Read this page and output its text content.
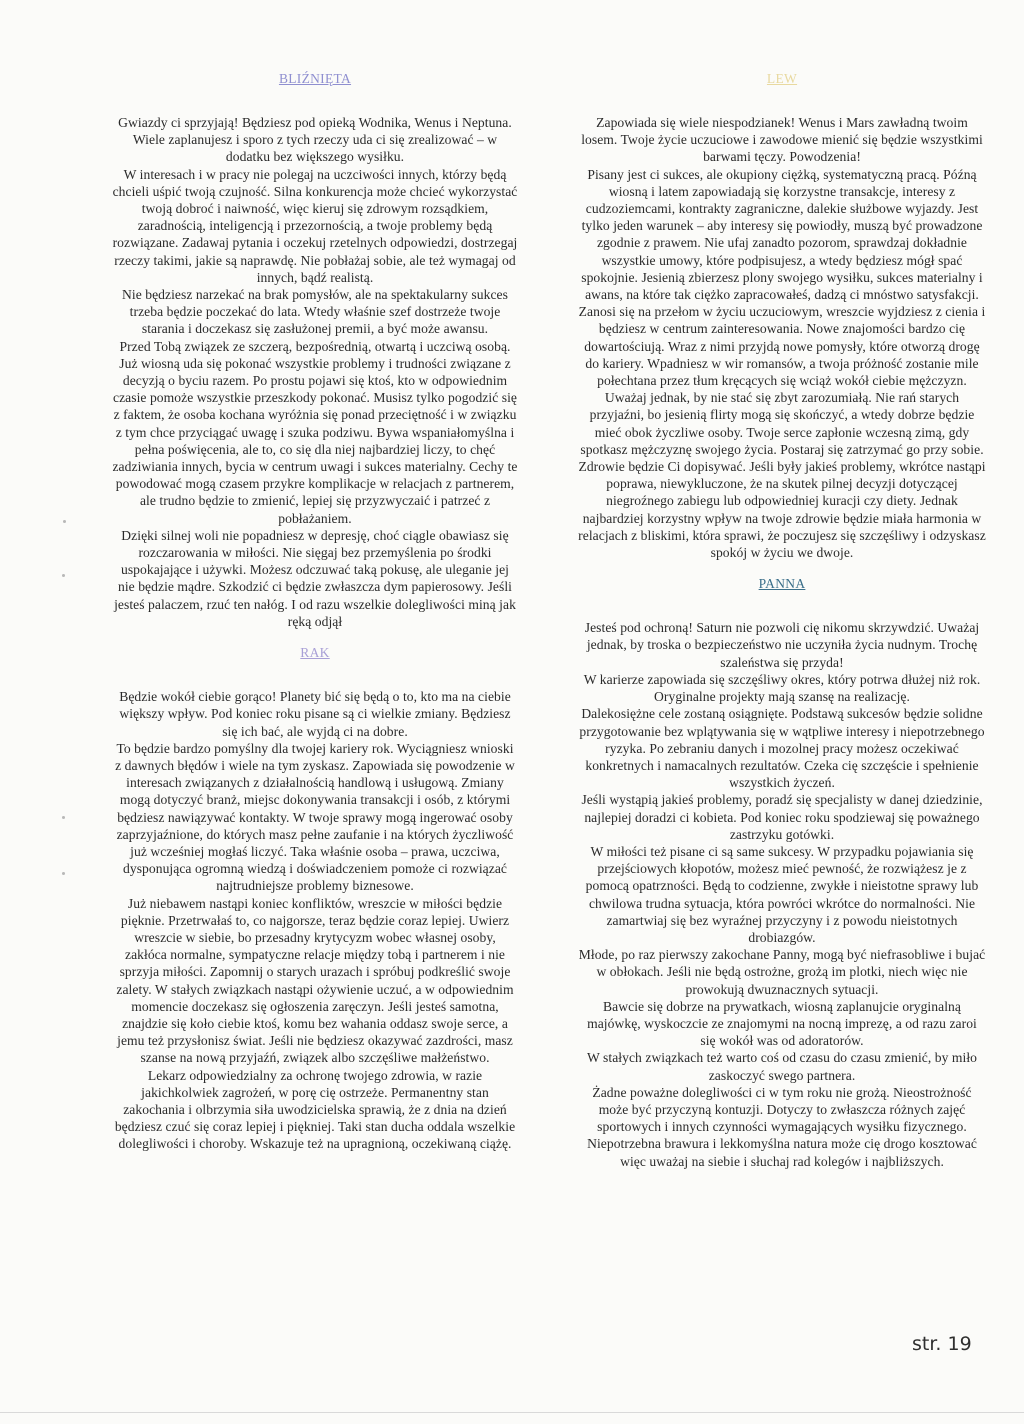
BLIŹNIĘTA

Gwiazdy ci sprzyjają! Będziesz pod opieką Wodnika, Wenus i Neptuna. Wiele zaplanujesz i sporo z tych rzeczy uda ci się zrealizować – w dodatku bez większego wysiłku.

W interesach i w pracy nie polegaj na uczciwości innych, którzy będą chcieli uśpić twoją czujność. Silna konkurencja może chcieć wykorzystać twoją dobroć i naiwność, więc kieruj się zdrowym rozsądkiem, zaradnością, inteligencją i przezornością, a twoje problemy będą rozwiązane. Zadawaj pytania i oczekuj rzetelnych odpowiedzi, dostrzegaj rzeczy takimi, jakie są naprawdę. Nie pobłażaj sobie, ale też wymagaj od innych, bądź realistą.

Nie będziesz narzekać na brak pomysłów, ale na spektakularny sukces trzeba będzie poczekać do lata. Wtedy właśnie szef dostrzeże twoje starania i doczekasz się zasłużonej premii, a być może awansu.

Przed Tobą związek ze szczerą, bezpośrednią, otwartą i uczciwą osobą. Już wiosną uda się pokonać wszystkie problemy i trudności związane z decyzją o byciu razem. Po prostu pojawi się ktoś, kto w odpowiednim czasie pomoże wszystkie przeszkody pokonać. Musisz tylko pogodzić się z faktem, że osoba kochana wyróżnia się ponad przeciętność i w związku z tym chce przyciągać uwagę i szuka podziwu. Bywa wspaniałomyślna i pełna poświęcenia, ale to, co się dla niej najbardziej liczy, to chęć zadziwiania innych, bycia w centrum uwagi i sukces materialny. Cechy te powodować mogą czasem przykre komplikacje w relacjach z partnerem, ale trudno będzie to zmienić, lepiej się przyzwyczaić i patrzeć z pobłażaniem.

Dzięki silnej woli nie popadniesz w depresję, choć ciągle obawiasz się rozczarowania w miłości. Nie sięgaj bez przemyślenia po środki uspokajające i używki. Możesz odczuwać taką pokusę, ale uleganie jej nie będzie mądre. Szkodzić ci będzie zwłaszcza dym papierosowy. Jeśli jesteś palaczem, rzuć ten nałóg. I od razu wszelkie dolegliwości miną jak ręką odjął

RAK

Będzie wokół ciebie gorąco! Planety bić się będą o to, kto ma na ciebie większy wpływ. Pod koniec roku pisane są ci wielkie zmiany. Będziesz się ich bać, ale wyjdą ci na dobre.

To będzie bardzo pomyślny dla twojej kariery rok. Wyciągniesz wnioski z dawnych błędów i wiele na tym zyskasz. Zapowiada się powodzenie w interesach związanych z działalnością handlową i usługową. Zmiany mogą dotyczyć branż, miejsc dokonywania transakcji i osób, z którymi będziesz nawiązywać kontakty. W twoje sprawy mogą ingerować osoby zaprzyjaźnione, do których masz pełne zaufanie i na których życzliwość już wcześniej mogłaś liczyć. Taka właśnie osoba – prawa, uczciwa, dysponująca ogromną wiedzą i doświadczeniem pomoże ci rozwiązać najtrudniejsze problemy biznesowe.

Już niebawem nastąpi koniec konfliktów, wreszcie w miłości będzie pięknie. Przetrwałaś to, co najgorsze, teraz będzie coraz lepiej. Uwierz wreszcie w siebie, bo przesadny krytycyzm wobec własnej osoby, zakłóca normalne, sympatyczne relacje między tobą i partnerem i nie sprzyja miłości. Zapomnij o starych urazach i spróbuj podkreślić swoje zalety. W stałych związkach nastąpi ożywienie uczuć, a w odpowiednim momencie doczekasz się ogłoszenia zaręczyn. Jeśli jesteś samotna, znajdzie się koło ciebie ktoś, komu bez wahania oddasz swoje serce, a jemu też przysłonisz świat. Jeśli nie będziesz okazywać zazdrości, masz szanse na nową przyjaźń, związek albo szczęśliwe małżeństwo.

Lekarz odpowiedzialny za ochronę twojego zdrowia, w razie jakichkolwiek zagrożeń, w porę cię ostrzeże. Permanentny stan zakochania i olbrzymia siła uwodzicielska sprawią, że z dnia na dzień będziesz czuć się coraz lepiej i piękniej. Taki stan ducha oddala wszelkie dolegliwości i choroby. Wskazuje też na upragnioną, oczekiwaną ciążę.

LEW

Zapowiada się wiele niespodzianek! Wenus i Mars zawładną twoim losem. Twoje życie uczuciowe i zawodowe mienić się będzie wszystkimi barwami tęczy. Powodzenia!

Pisany jest ci sukces, ale okupiony ciężką, systematyczną pracą. Późną wiosną i latem zapowiadają się korzystne transakcje, interesy z cudzoziemcami, kontrakty zagraniczne, dalekie służbowe wyjazdy. Jest tylko jeden warunek – aby interesy się powiodły, muszą być prowadzone zgodnie z prawem. Nie ufaj zanadto pozorom, sprawdzaj dokładnie wszystkie umowy, które podpisujesz, a wtedy będziesz mógł spać spokojnie. Jesienią zbierzesz plony swojego wysiłku, sukces materialny i awans, na które tak ciężko zapracowałeś, dadzą ci mnóstwo satysfakcji.

Zanosi się na przełom w życiu uczuciowym, wreszcie wyjdziesz z cienia i będziesz w centrum zainteresowania. Nowe znajomości bardzo cię dowartościują. Wraz z nimi przyjdą nowe pomysły, które otworzą drogę do kariery. Wpadniesz w wir romansów, a twoja próżność zostanie mile połechtana przez tłum kręcących się wciąż wokół ciebie mężczyzn. Uważaj jednak, by nie stać się zbyt zarozumiałą. Nie rań starych przyjaźni, bo jesienią flirty mogą się skończyć, a wtedy dobrze będzie mieć obok życzliwe osoby. Twoje serce zapłonie wczesną zimą, gdy spotkasz mężczyznę swojego życia. Postaraj się zatrzymać go przy sobie.

Zdrowie będzie Ci dopisywać. Jeśli były jakieś problemy, wkrótce nastąpi poprawa, niewykluczone, że na skutek pilnej decyzji dotyczącej niegroźnego zabiegu lub odpowiedniej kuracji czy diety. Jednak najbardziej korzystny wpływ na twoje zdrowie będzie miała harmonia w relacjach z bliskimi, która sprawi, że poczujesz się szczęśliwy i odzyskasz spokój w życiu we dwoje.

PANNA

Jesteś pod ochroną! Saturn nie pozwoli cię nikomu skrzywdzić. Uważaj jednak, by troska o bezpieczeństwo nie uczyniła życia nudnym. Trochę szaleństwa się przyda!

W karierze zapowiada się szczęśliwy okres, który potrwa dłużej niż rok. Oryginalne projekty mają szansę na realizację.

Dalekosiężne cele zostaną osiągnięte. Podstawą sukcesów będzie solidne przygotowanie bez wplątywania się w wątpliwe interesy i niepotrzebnego ryzyka. Po zebraniu danych i mozolnej pracy możesz oczekiwać konkretnych i namacalnych rezultatów. Czeka cię szczęście i spełnienie wszystkich życzeń.

Jeśli wystąpią jakieś problemy, poradź się specjalisty w danej dziedzinie, najlepiej doradzi ci kobieta. Pod koniec roku spodziewaj się poważnego zastrzyku gotówki.

W miłości też pisane ci są same sukcesy. W przypadku pojawiania się przejściowych kłopotów, możesz mieć pewność, że rozwiążesz je z pomocą opatrzności. Będą to codzienne, zwykłe i nieistotne sprawy lub chwilowa trudna sytuacja, która powróci wkrótce do normalności. Nie zamartwiaj się bez wyraźnej przyczyny i z powodu nieistotnych drobiazgów.

Młode, po raz pierwszy zakochane Panny, mogą być niefrasobliwe i bujać w obłokach. Jeśli nie będą ostrożne, grożą im plotki, niech więc nie prowokują dwuznacznych sytuacji.

Bawcie się dobrze na prywatkach, wiosną zaplanujcie oryginalną majówkę, wyskoczcie ze znajomymi na nocną imprezę, a od razu zaroi się wokół was od adoratorów.

W stałych związkach też warto coś od czasu do czasu zmienić, by miło zaskoczyć swego partnera.

Żadne poważne dolegliwości ci w tym roku nie grożą. Nieostrożność może być przyczyną kontuzji. Dotyczy to zwłaszcza różnych zajęć sportowych i innych czynności wymagających wysiłku fizycznego. Niepotrzebna brawura i lekkomyślna natura może cię drogo kosztować więc uważaj na siebie i słuchaj rad kolegów i najbliższych.

str. 19
